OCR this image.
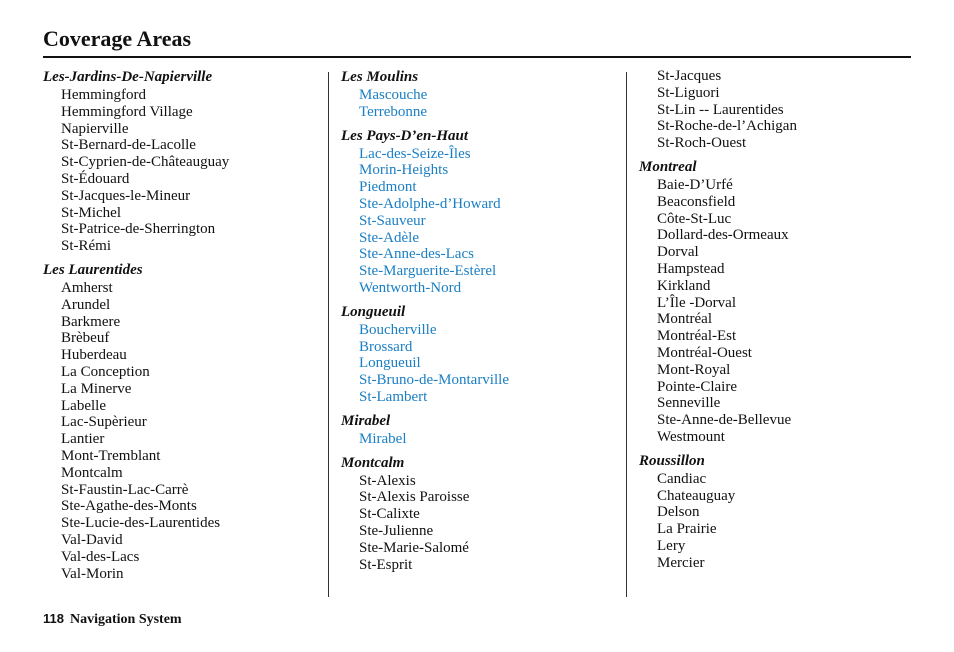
Coverage Areas
Les-Jardins-De-Napierville
Hemmingford
Hemmingford Village
Napierville
St-Bernard-de-Lacolle
St-Cyprien-de-Châteauguay
St-Édouard
St-Jacques-le-Mineur
St-Michel
St-Patrice-de-Sherrington
St-Rémi
Les Laurentides
Amherst
Arundel
Barkmere
Brèbeuf
Huberdeau
La Conception
La Minerve
Labelle
Lac-Supèrieur
Lantier
Mont-Tremblant
Montcalm
St-Faustin-Lac-Carrè
Ste-Agathe-des-Monts
Ste-Lucie-des-Laurentides
Val-David
Val-des-Lacs
Val-Morin
Les Moulins
Mascouche
Terrebonne
Les Pays-D’en-Haut
Lac-des-Seize-Îles
Morin-Heights
Piedmont
Ste-Adolphe-d’Howard
St-Sauveur
Ste-Adèle
Ste-Anne-des-Lacs
Ste-Marguerite-Estèrel
Wentworth-Nord
Longueuil
Boucherville
Brossard
Longueuil
St-Bruno-de-Montarville
St-Lambert
Mirabel
Mirabel
Montcalm
St-Alexis
St-Alexis Paroisse
St-Calixte
Ste-Julienne
Ste-Marie-Salomé
St-Esprit
St-Jacques
St-Liguori
St-Lin -- Laurentides
St-Roche-de-l’Achigan
St-Roch-Ouest
Montreal
Baie-D’Urfé
Beaconsfield
Côte-St-Luc
Dollard-des-Ormeaux
Dorval
Hampstead
Kirkland
L’Île -Dorval
Montréal
Montréal-Est
Montréal-Ouest
Mont-Royal
Pointe-Claire
Senneville
Ste-Anne-de-Bellevue
Westmount
Roussillon
Candiac
Chateauguay
Delson
La Prairie
Lery
Mercier
118 Navigation System
